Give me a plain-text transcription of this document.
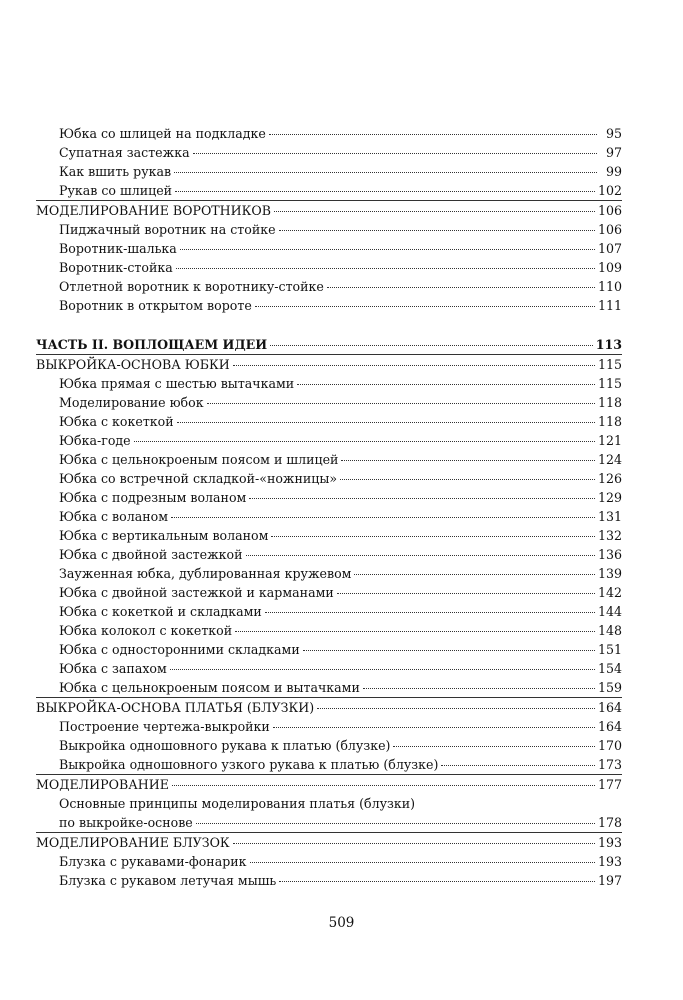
Юбка со шлицей на подкладке	95
Супатная застежка	97
Как вшить рукав	99
Рукав со шлицей	102
МОДЕЛИРОВАНИЕ ВОРОТНИКОВ	106
Пиджачный воротник на стойке	106
Воротник-шалька	107
Воротник-стойка	109
Отлетной воротник к воротнику-стойке	110
Воротник в открытом вороте	111
ЧАСТЬ II. ВОПЛОЩАЕМ ИДЕИ	113
ВЫКРОЙКА-ОСНОВА ЮБКИ	115
Юбка прямая с шестью вытачками	115
Моделирование юбок	118
Юбка с кокеткой	118
Юбка-годе	121
Юбка с цельнокроеным поясом и шлицей	124
Юбка со встречной складкой-«ножницы»	126
Юбка с подрезным воланом	129
Юбка с воланом	131
Юбка с вертикальным воланом	132
Юбка с двойной застежкой	136
Зауженная юбка, дублированная кружевом	139
Юбка с двойной застежкой и карманами	142
Юбка с кокеткой и складками	144
Юбка колокол с кокеткой	148
Юбка с односторонними складками	151
Юбка с запахом	154
Юбка с цельнокроеным поясом и вытачками	159
ВЫКРОЙКА-ОСНОВА ПЛАТЬЯ (БЛУЗКИ)	164
Построение чертежа-выкройки	164
Выкройка одношовного рукава к платью (блузке)	170
Выкройка одношовного узкого рукава к платью (блузке)	173
МОДЕЛИРОВАНИЕ	177
Основные принципы моделирования платья (блузки)
по выкройке-основе	178
МОДЕЛИРОВАНИЕ БЛУЗОК	193
Блузка с рукавами-фонарик	193
Блузка с рукавом летучая мышь	197
509
